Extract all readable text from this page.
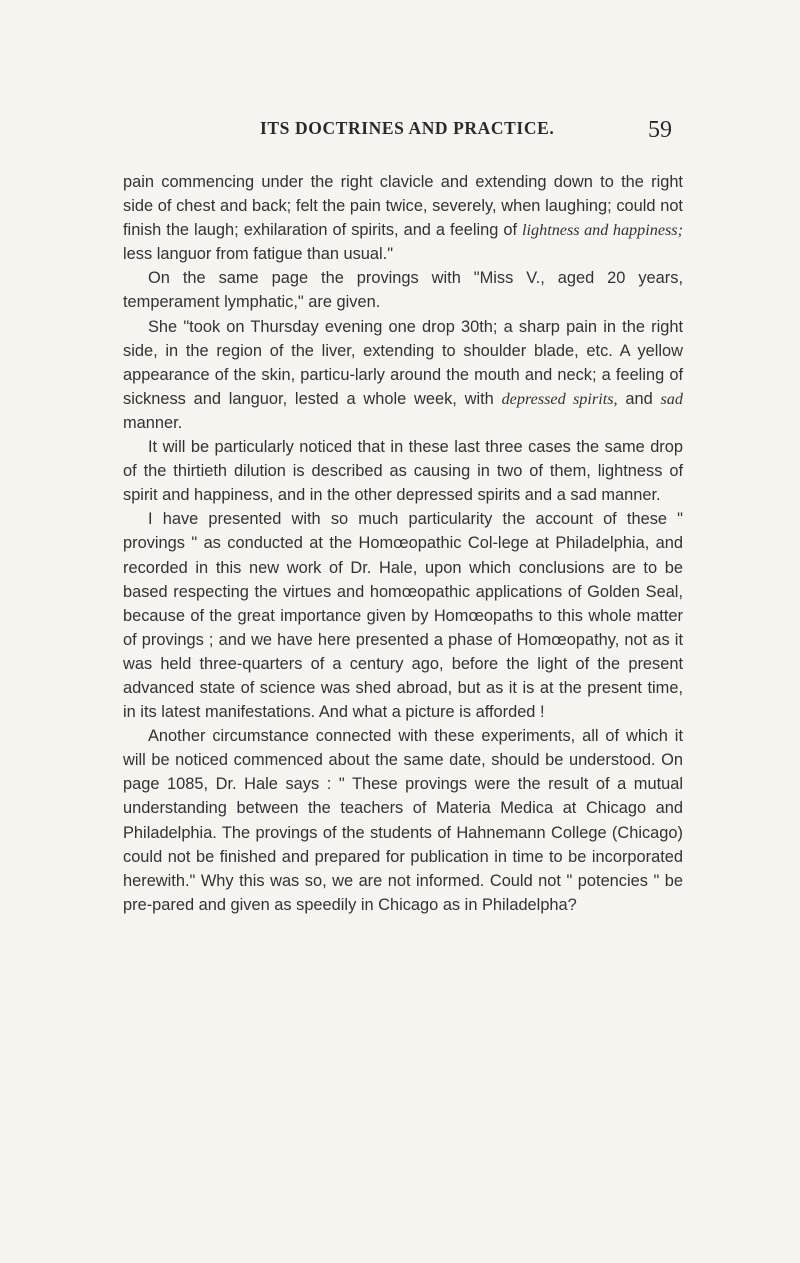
ITS DOCTRINES AND PRACTICE.	59

pain commencing under the right clavicle and extending down to the right side of chest and back; felt the pain twice, severely, when laughing; could not finish the laugh; exhilaration of spirits, and a feeling of lightness and happiness; less languor from fatigue than usual."

On the same page the provings with "Miss V., aged 20 years, temperament lymphatic," are given.

She "took on Thursday evening one drop 30th; a sharp pain in the right side, in the region of the liver, extending to shoulder blade, etc. A yellow appearance of the skin, particu-larly around the mouth and neck; a feeling of sickness and languor, lested a whole week, with depressed spirits, and sad manner.

It will be particularly noticed that in these last three cases the same drop of the thirtieth dilution is described as causing in two of them, lightness of spirit and happiness, and in the other depressed spirits and a sad manner.

I have presented with so much particularity the account of these " provings " as conducted at the Homœopathic Col-lege at Philadelphia, and recorded in this new work of Dr. Hale, upon which conclusions are to be based respecting the virtues and homœopathic applications of Golden Seal, because of the great importance given by Homœopaths to this whole matter of provings ; and we have here presented a phase of Homœopathy, not as it was held three-quarters of a century ago, before the light of the present advanced state of science was shed abroad, but as it is at the present time, in its latest manifestations. And what a picture is afforded !

Another circumstance connected with these experiments, all of which it will be noticed commenced about the same date, should be understood. On page 1085, Dr. Hale says : " These provings were the result of a mutual understanding between the teachers of Materia Medica at Chicago and Philadelphia. The provings of the students of Hahnemann College (Chicago) could not be finished and prepared for publication in time to be incorporated herewith." Why this was so, we are not informed. Could not " potencies " be pre-pared and given as speedily in Chicago as in Philadelpha?
